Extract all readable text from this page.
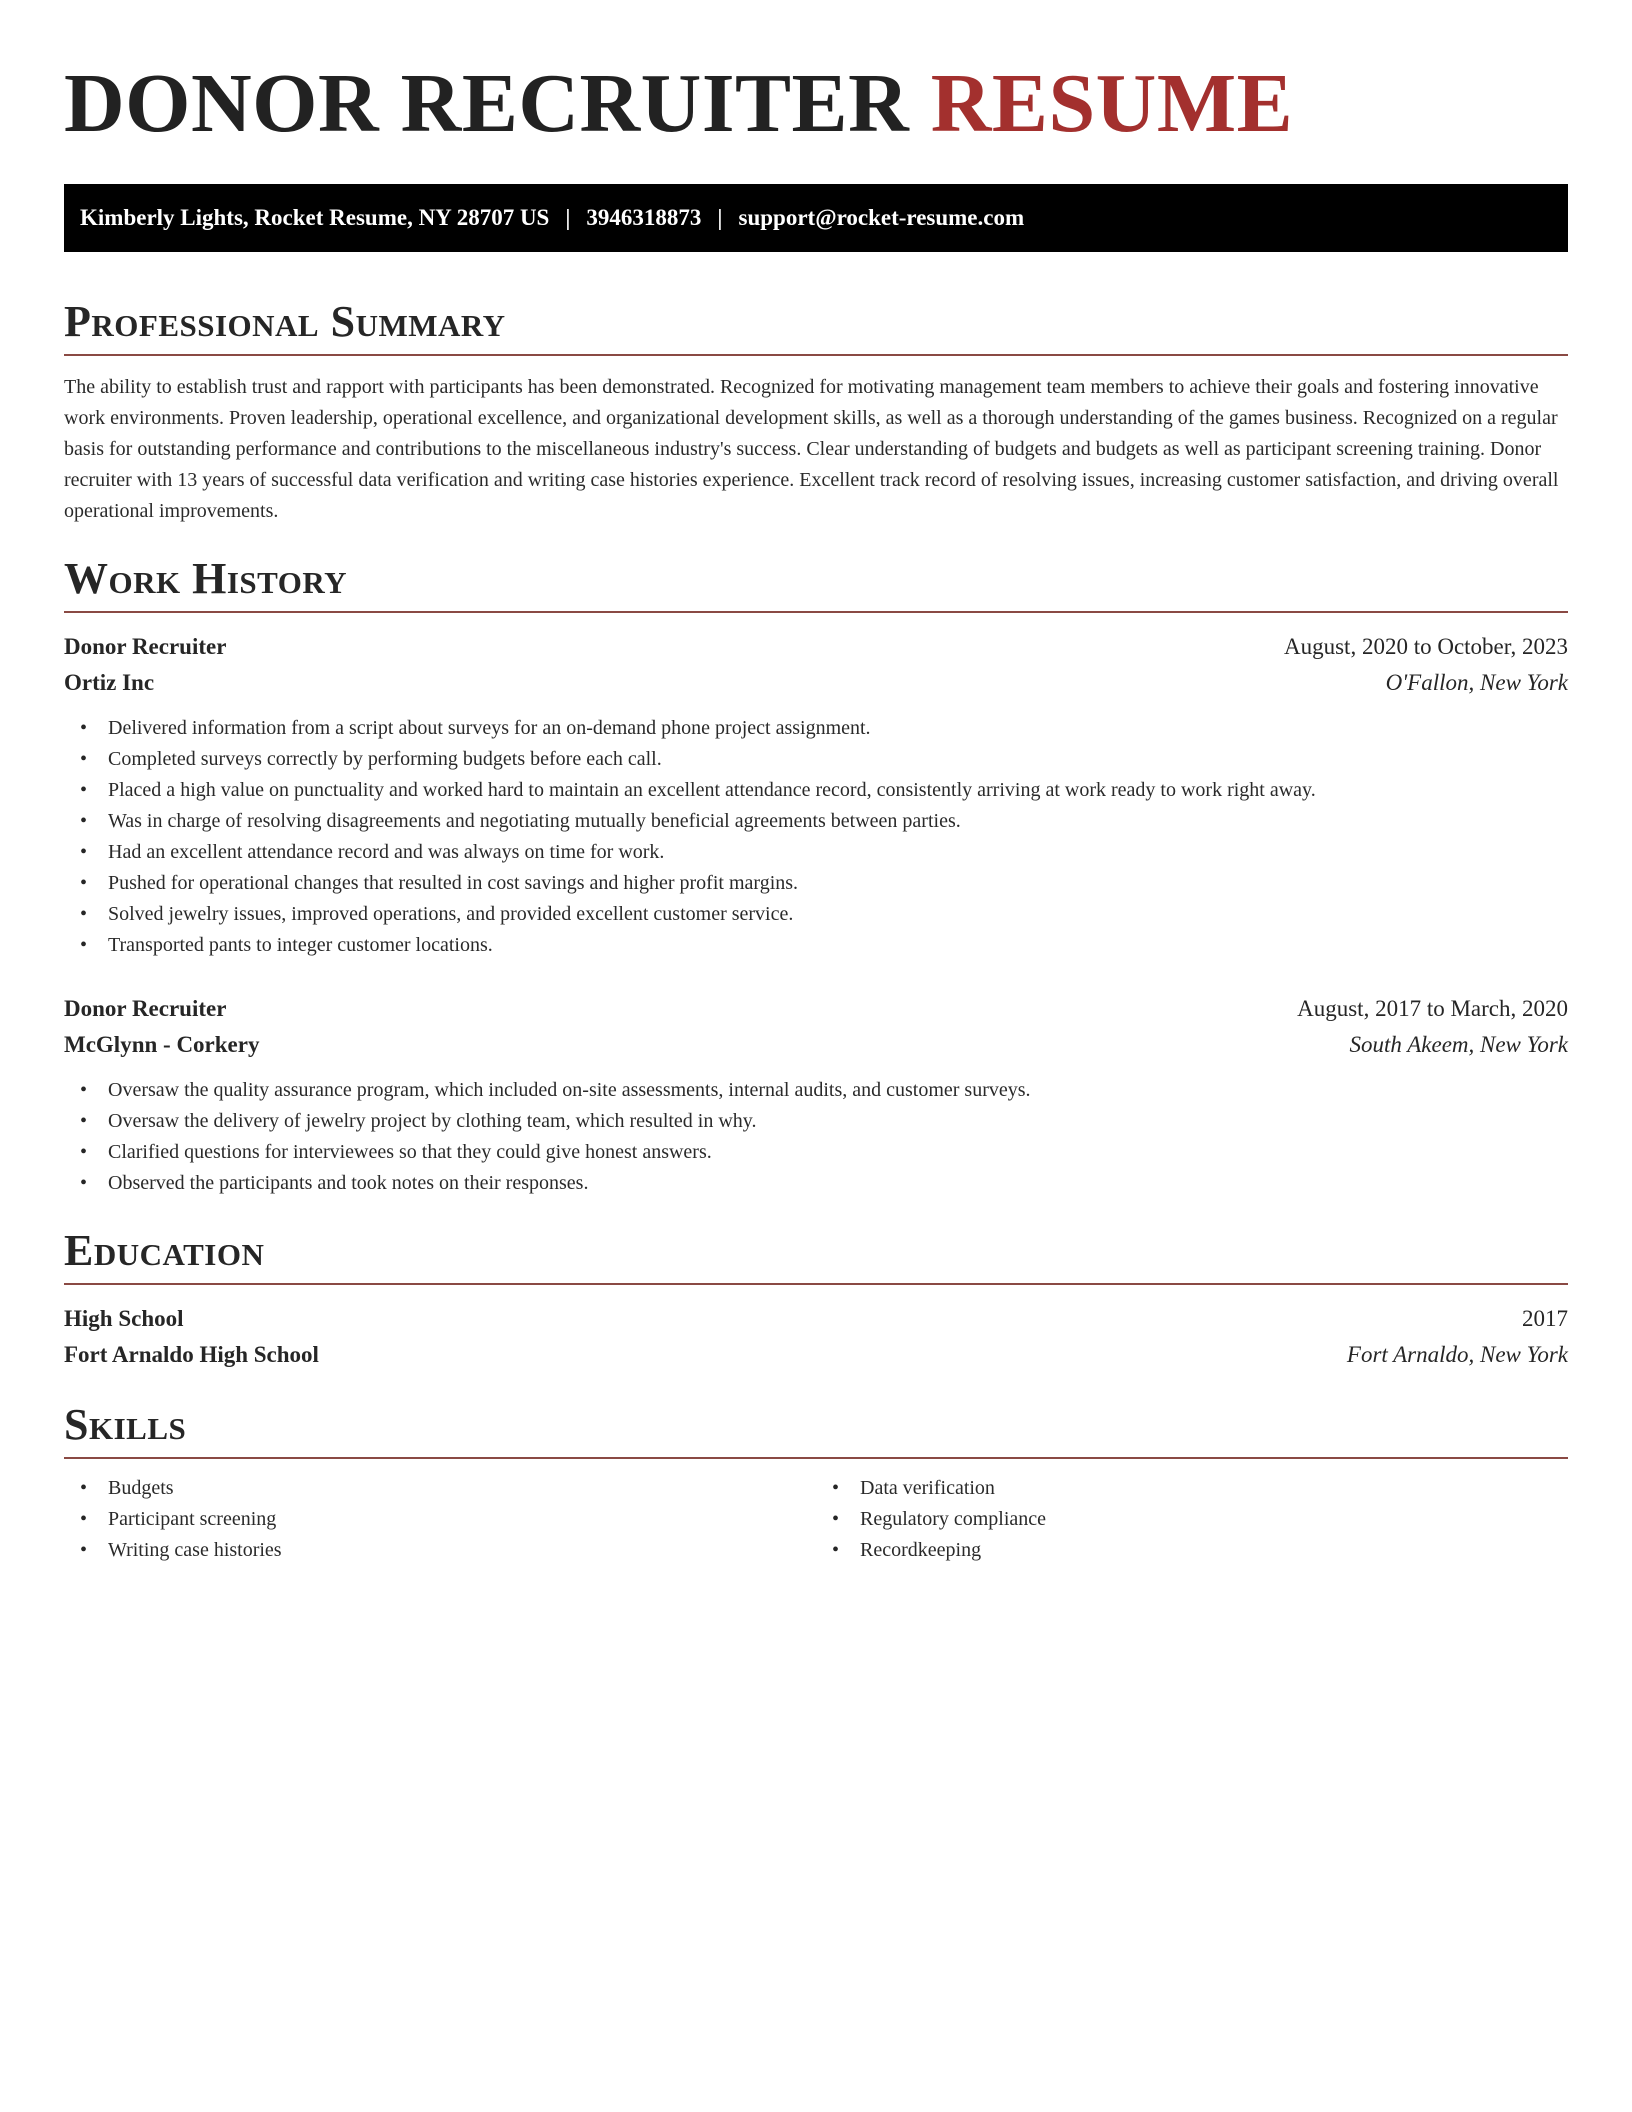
DONOR RECRUITER RESUME
Kimberly Lights, Rocket Resume, NY 28707 US | 3946318873 | support@rocket-resume.com
Professional Summary

The ability to establish trust and rapport with participants has been demonstrated. Recognized for motivating management team members to achieve their goals and fostering innovative work environments. Proven leadership, operational excellence, and organizational development skills, as well as a thorough understanding of the games business. Recognized on a regular basis for outstanding performance and contributions to the miscellaneous industry's success. Clear understanding of budgets and budgets as well as participant screening training. Donor recruiter with 13 years of successful data verification and writing case histories experience. Excellent track record of resolving issues, increasing customer satisfaction, and driving overall operational improvements.

Work History
Donor Recruiter	August, 2020 to October, 2023
Ortiz Inc	O'Fallon, New York
• Delivered information from a script about surveys for an on-demand phone project assignment.
• Completed surveys correctly by performing budgets before each call.
• Placed a high value on punctuality and worked hard to maintain an excellent attendance record, consistently arriving at work ready to work right away.
• Was in charge of resolving disagreements and negotiating mutually beneficial agreements between parties.
• Had an excellent attendance record and was always on time for work.
• Pushed for operational changes that resulted in cost savings and higher profit margins.
• Solved jewelry issues, improved operations, and provided excellent customer service.
• Transported pants to integer customer locations.
Donor Recruiter	August, 2017 to March, 2020
McGlynn - Corkery	South Akeem, New York
• Oversaw the quality assurance program, which included on-site assessments, internal audits, and customer surveys.
• Oversaw the delivery of jewelry project by clothing team, which resulted in why.
• Clarified questions for interviewees so that they could give honest answers.
• Observed the participants and took notes on their responses.
Education
High School	2017
Fort Arnaldo High School	Fort Arnaldo, New York
Skills
• Budgets
• Participant screening
• Writing case histories
• Data verification
• Regulatory compliance
• Recordkeeping
